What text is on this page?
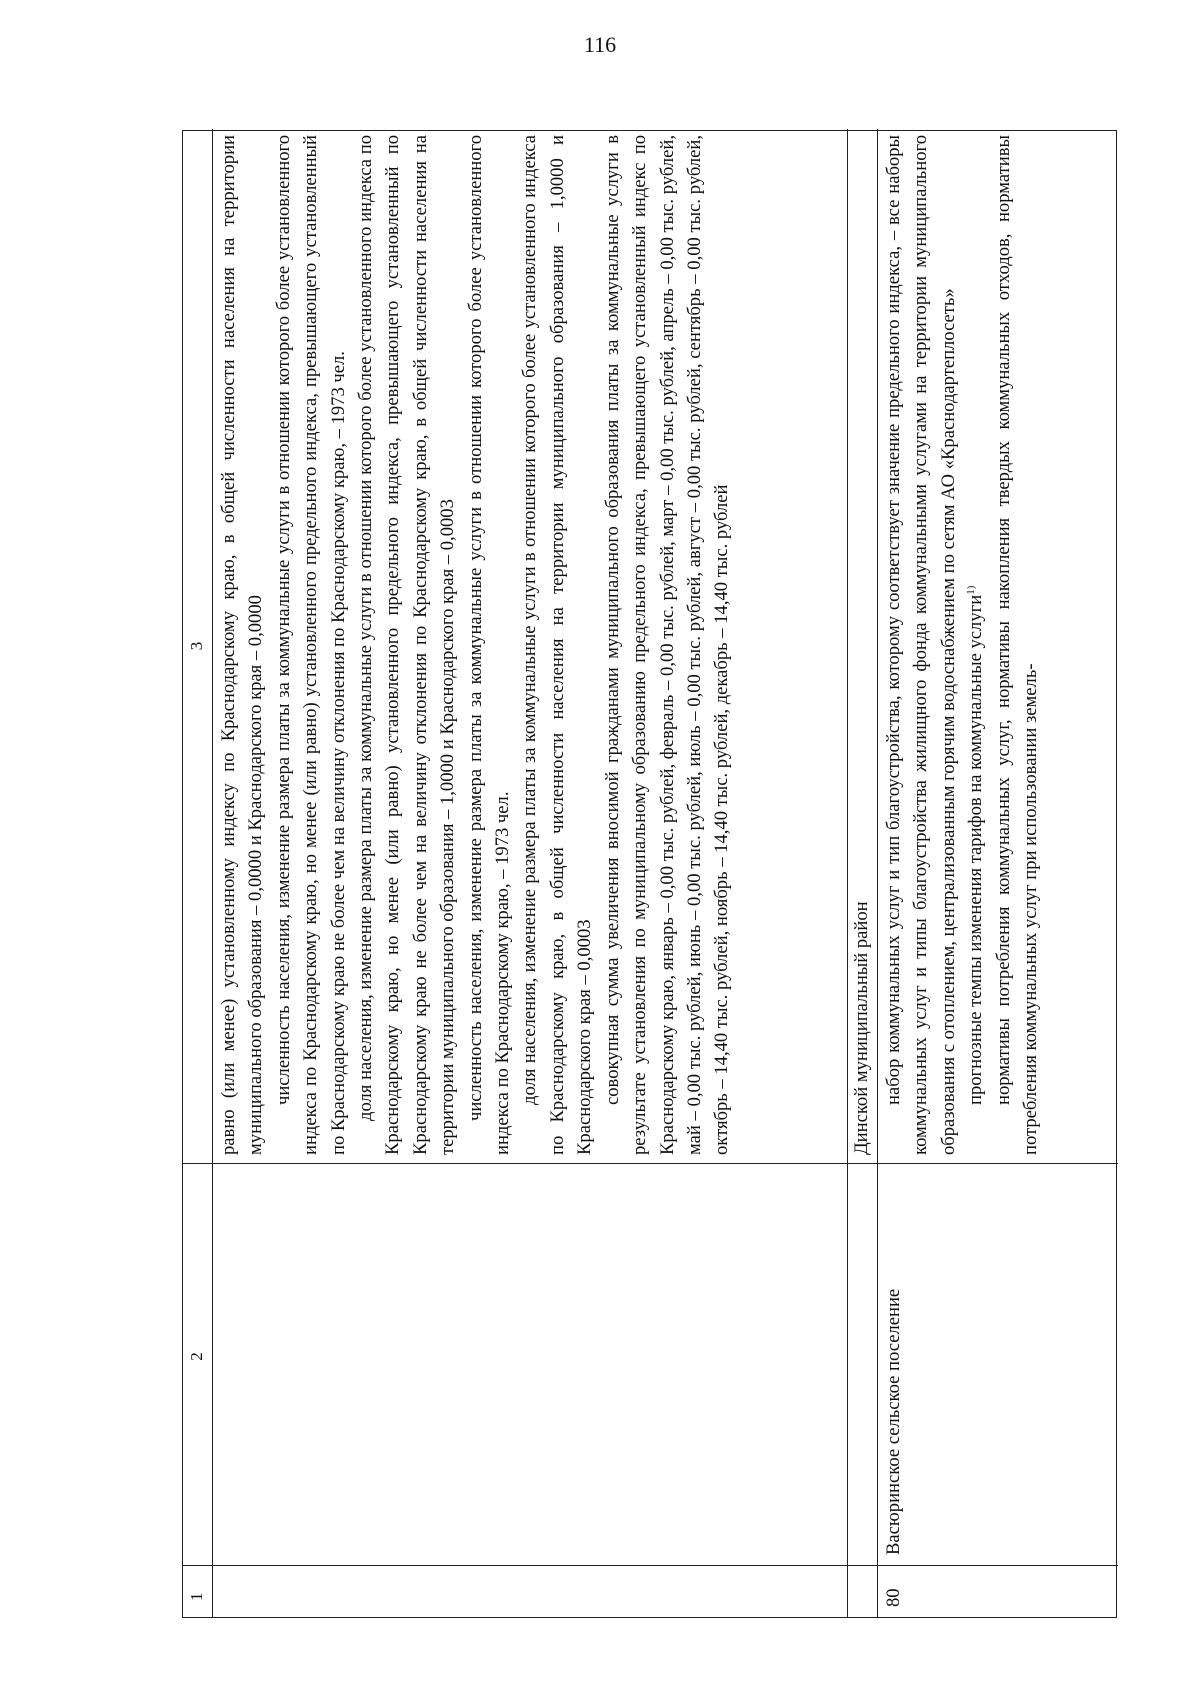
116
1
2
3 равно (или менее) установленному индексу по Краснодарскому краю, в общей численности населения на территории муниципального образования – 0,0000 и Краснодарского края – 0,0000 численность населения, изменение размера платы за коммунальные услуги в отношении которого более установленного индекса по Краснодарскому краю, но менее (или равно) установленного предельного индекса, превышающего установленный по Краснодарскому краю не более чем на величину отклонения по Краснодарскому краю, – 1973 чел. доля населения, изменение размера платы за коммунальные услуги в отношении которого более установленного индекса по Краснодарскому краю, но менее (или равно) установленного предельного индекса, превышающего установленный по Краснодарскому краю не более чем на величину отклонения по Краснодарскому краю, в общей численности населения на территории муниципального образования – 1,0000 и Краснодарского края – 0,0003 численность населения, изменение размера платы за коммунальные услуги в отношении которого более установленного индекса по Краснодарскому краю, – 1973 чел. доля населения, изменение размера платы за коммунальные услуги в отношении которого более установленного индекса по Краснодарскому краю, в общей численности населения на территории муниципального образования – 1,0000 и Краснодарского края – 0,0003 совокупная сумма увеличения вносимой гражданами муниципального образования платы за коммунальные услуги в результате установления по муниципальному образованию предельного индекса, превышающего установленный индекс по Краснодарскому краю, январь – 0,00 тыс. рублей, февраль – 0,00 тыс. рублей, март – 0,00 тыс. рублей, апрель – 0,00 тыс. рублей, май – 0,00 тыс. рублей, июнь – 0,00 тыс. рублей, июль – 0,00 тыс. рублей, август – 0,00 тыс. рублей, сентябрь – 0,00 тыс. рублей, октябрь – 14,40 тыс. рублей, ноябрь – 14,40 тыс. рублей, декабрь – 14,40 тыс. рублей	Динской муниципальный район
80
Васюринское сельское поселение

набор коммунальных услуг и тип благоустройства, которому соответствует значение предельного индекса, – все наборы коммунальных услуг и типы благоустройства жилищного фонда коммунальными услугами на территории муниципального образования с отоплением, централизованным горячим водоснабжением по сетям АО «Краснодартеплосеть» прогнозные темпы изменения тарифов на коммунальные услуги$^{1)}$ нормативы потребления коммунальных услуг, нормативы накопления твердых коммунальных отходов, нормативы потребления коммунальных услуг при использовании земель-
